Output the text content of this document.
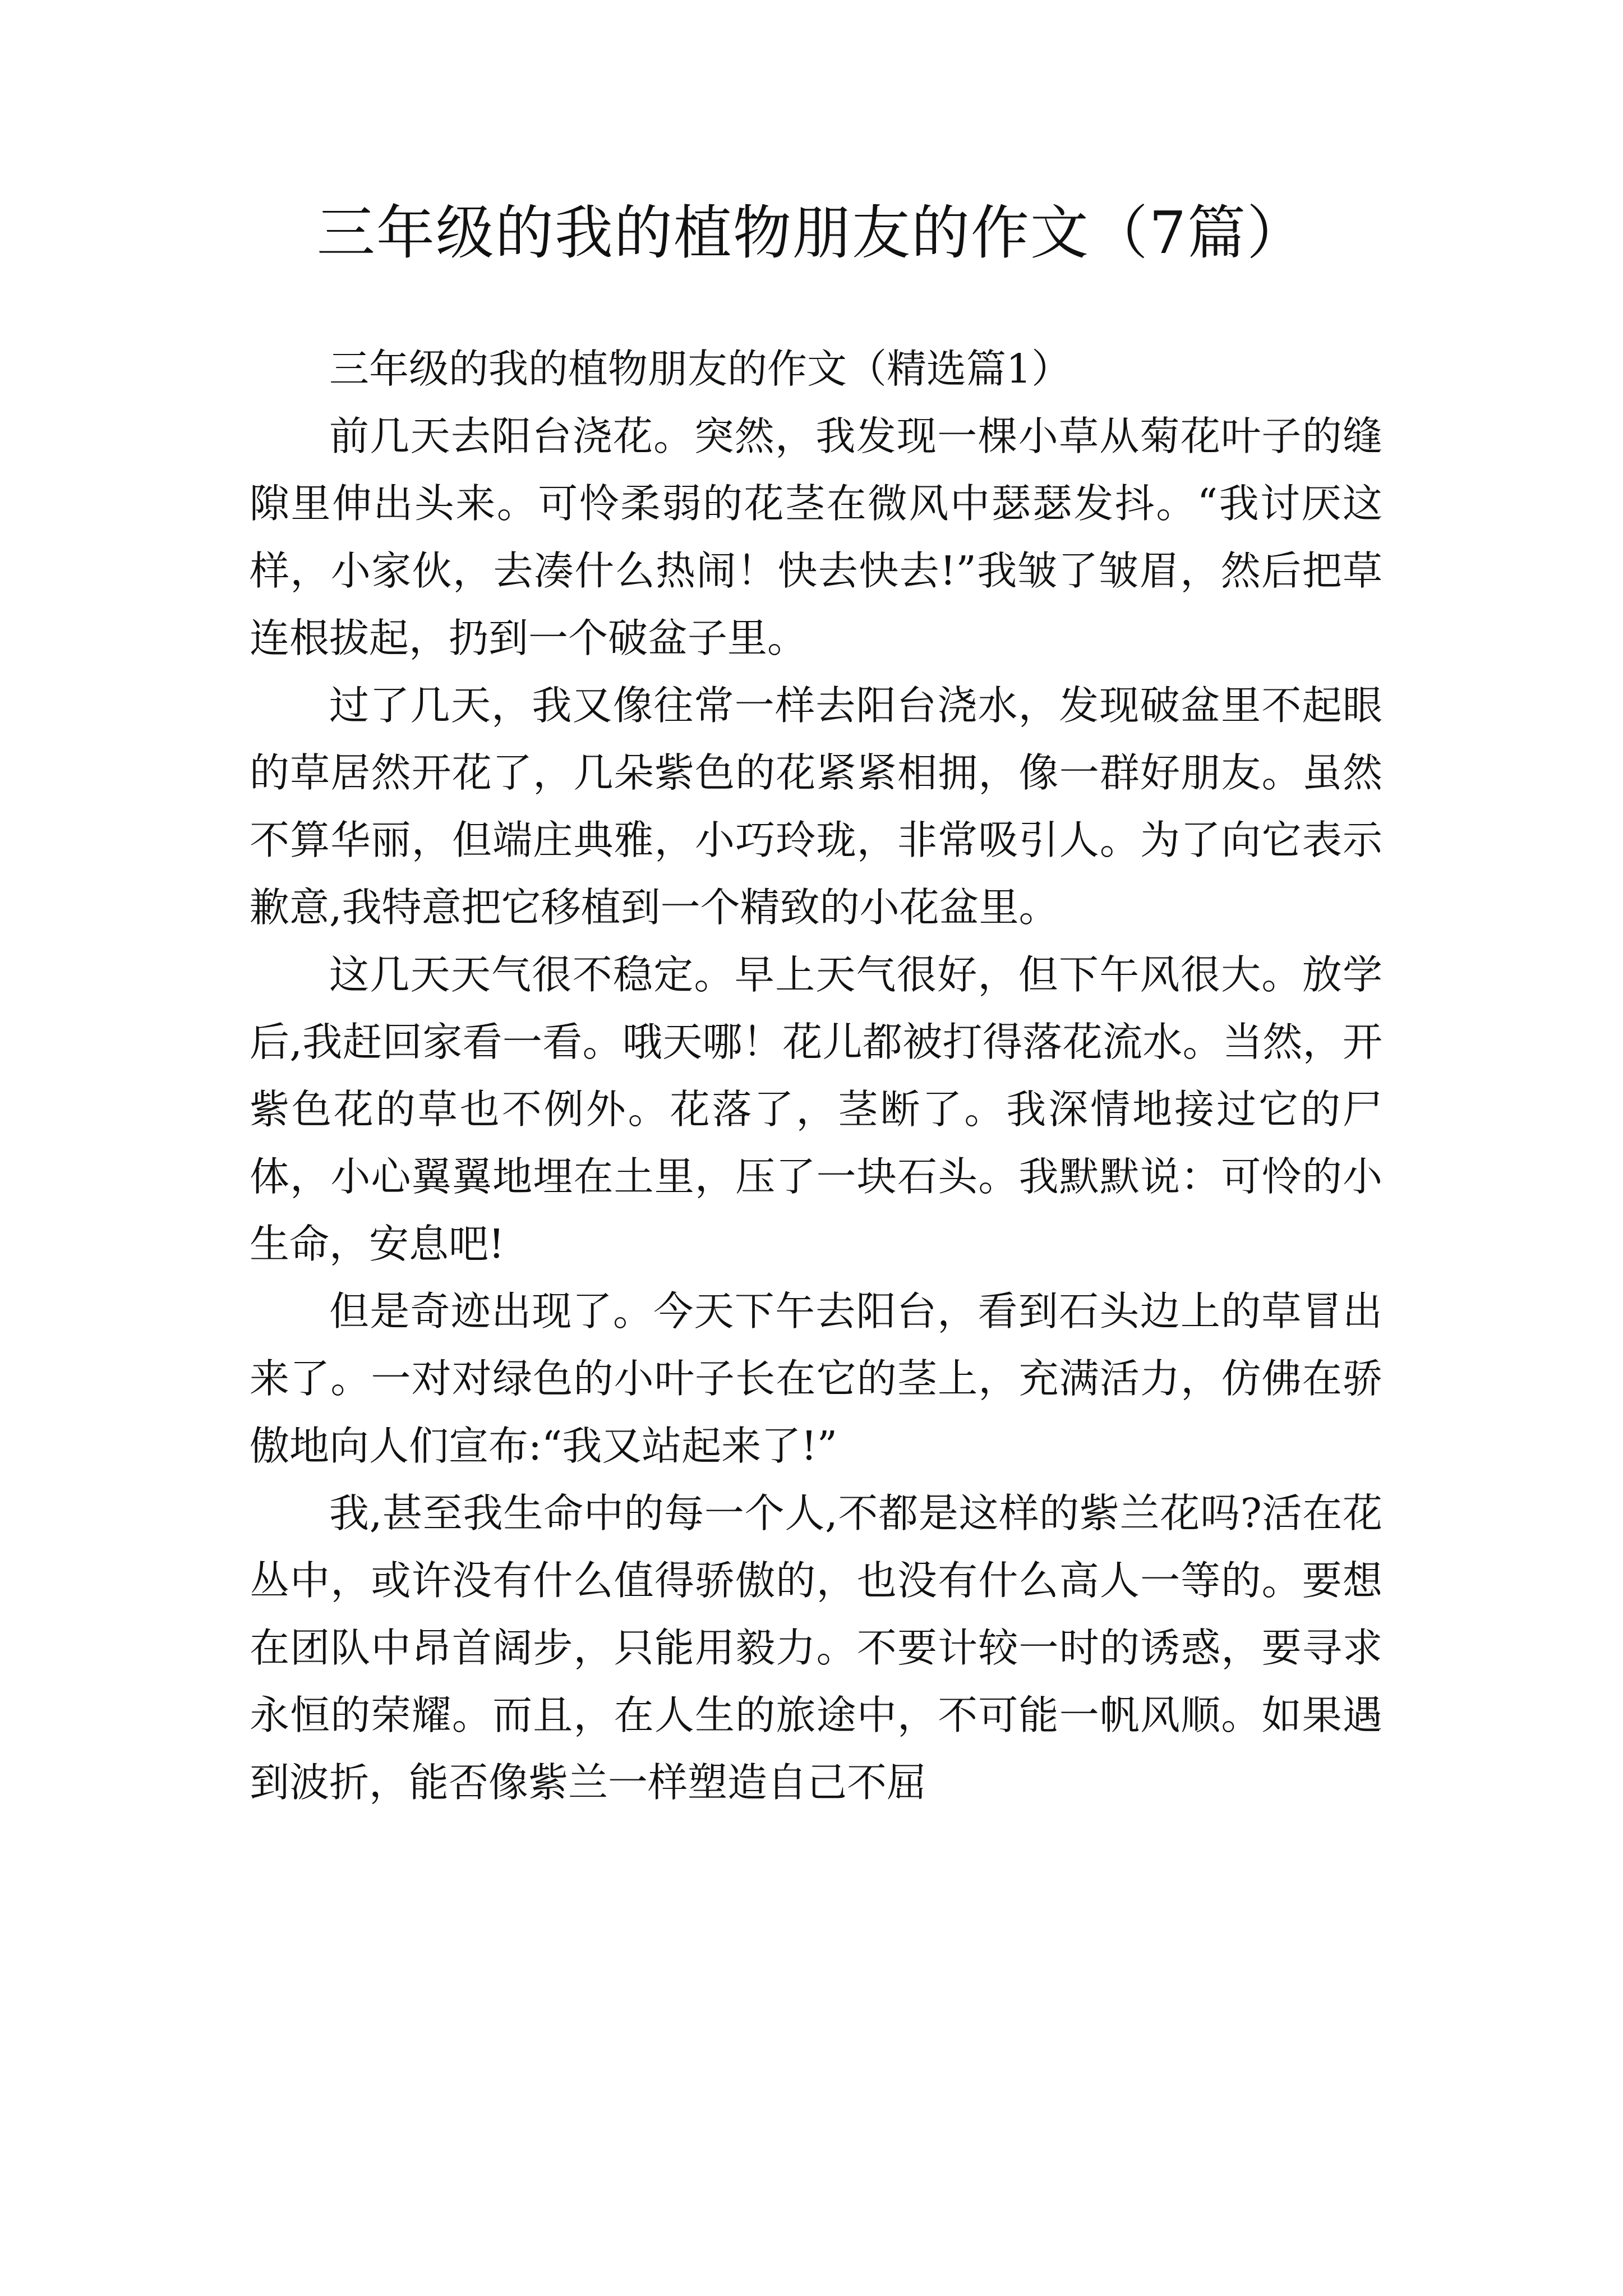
三年级的我的植物朋友的作文（7篇）

三年级的我的植物朋友的作文（精选篇1）

前几天去阳台浇花。突然，我发现一棵小草从菊花叶子的缝隙里伸出头来。可怜柔弱的花茎在微风中瑟瑟发抖。“我讨厌这样，小家伙，去凑什么热闹！快去快去!”我皱了皱眉，然后把草连根拔起，扔到一个破盆子里。

过了几天，我又像往常一样去阳台浇水，发现破盆里不起眼的草居然开花了，几朵紫色的花紧紧相拥，像一群好朋友。虽然不算华丽，但端庄典雅，小巧玲珑，非常吸引人。为了向它表示歉意,我特意把它移植到一个精致的小花盆里。

这几天天气很不稳定。早上天气很好，但下午风很大。放学后,我赶回家看一看。哦天哪！花儿都被打得落花流水。当然，开紫色花的草也不例外。花落了，茎断了。我深情地接过它的尸体，小心翼翼地埋在土里，压了一块石头。我默默说：可怜的小生命，安息吧!

但是奇迹出现了。今天下午去阳台，看到石头边上的草冒出来了。一对对绿色的小叶子长在它的茎上，充满活力，仿佛在骄傲地向人们宣布:“我又站起来了!”

我,甚至我生命中的每一个人,不都是这样的紫兰花吗?活在花丛中，或许没有什么值得骄傲的，也没有什么高人一等的。要想在团队中昂首阔步，只能用毅力。不要计较一时的诱惑，要寻求永恒的荣耀。而且，在人生的旅途中，不可能一帆风顺。如果遇到波折，能否像紫兰一样塑造自己不屈
